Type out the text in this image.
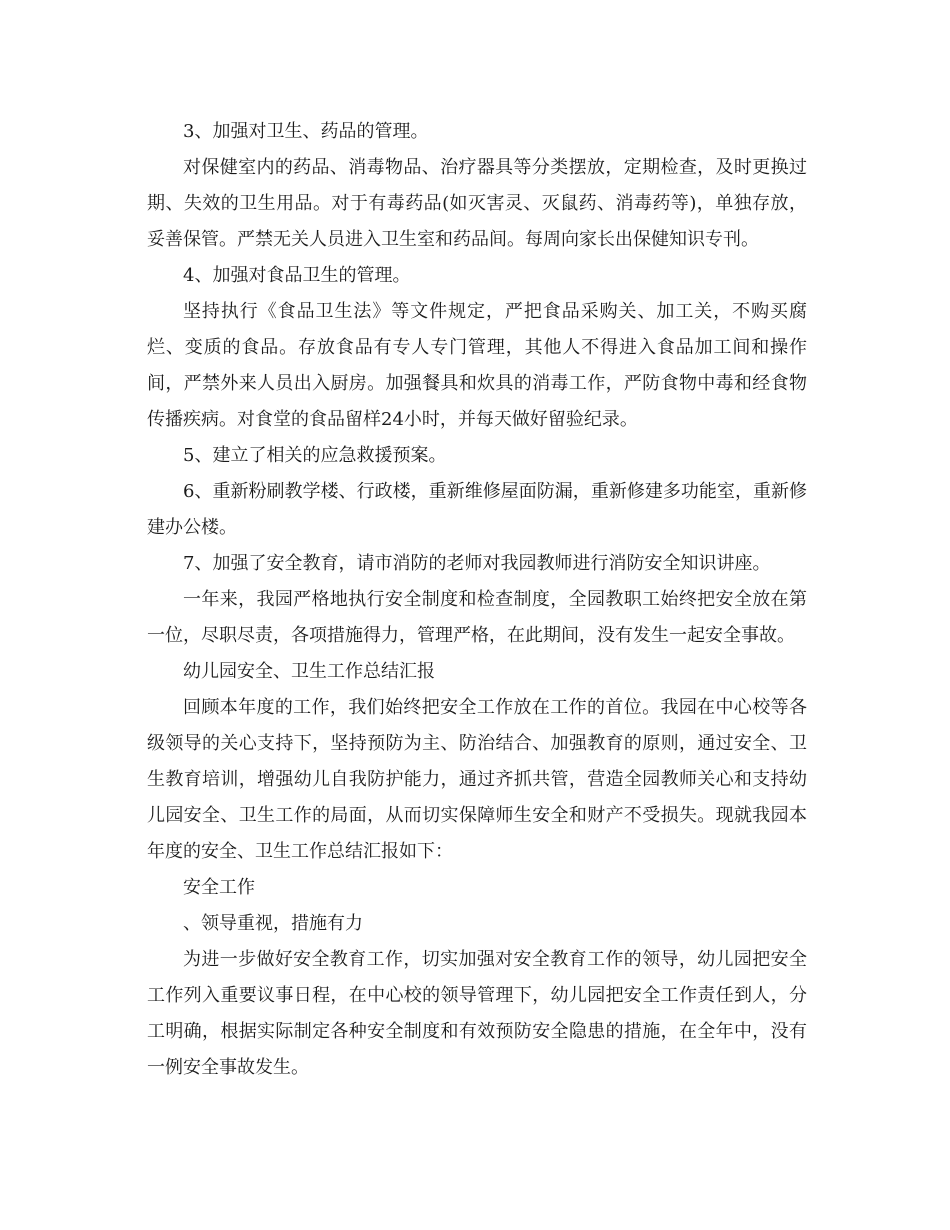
3、加强对卫生、药品的管理。

对保健室内的药品、消毒物品、治疗器具等分类摆放，定期检查，及时更换过期、失效的卫生用品。对于有毒药品(如灭害灵、灭鼠药、消毒药等)，单独存放，妥善保管。严禁无关人员进入卫生室和药品间。每周向家长出保健知识专刊。

4、加强对食品卫生的管理。

坚持执行《食品卫生法》等文件规定，严把食品采购关、加工关，不购买腐烂、变质的食品。存放食品有专人专门管理，其他人不得进入食品加工间和操作间，严禁外来人员出入厨房。加强餐具和炊具的消毒工作，严防食物中毒和经食物传播疾病。对食堂的食品留样24小时，并每天做好留验纪录。

5、建立了相关的应急救援预案。

6、重新粉刷教学楼、行政楼，重新维修屋面防漏，重新修建多功能室，重新修建办公楼。

7、加强了安全教育，请市消防的老师对我园教师进行消防安全知识讲座。

一年来，我园严格地执行安全制度和检查制度，全园教职工始终把安全放在第一位，尽职尽责，各项措施得力，管理严格，在此期间，没有发生一起安全事故。

幼儿园安全、卫生工作总结汇报

回顾本年度的工作，我们始终把安全工作放在工作的首位。我园在中心校等各级领导的关心支持下，坚持预防为主、防治结合、加强教育的原则，通过安全、卫生教育培训，增强幼儿自我防护能力，通过齐抓共管，营造全园教师关心和支持幼儿园安全、卫生工作的局面，从而切实保障师生安全和财产不受损失。现就我园本年度的安全、卫生工作总结汇报如下：

安全工作

、领导重视，措施有力

为进一步做好安全教育工作，切实加强对安全教育工作的领导，幼儿园把安全工作列入重要议事日程，在中心校的领导管理下，幼儿园把安全工作责任到人，分工明确，根据实际制定各种安全制度和有效预防安全隐患的措施，在全年中，没有一例安全事故发生。
